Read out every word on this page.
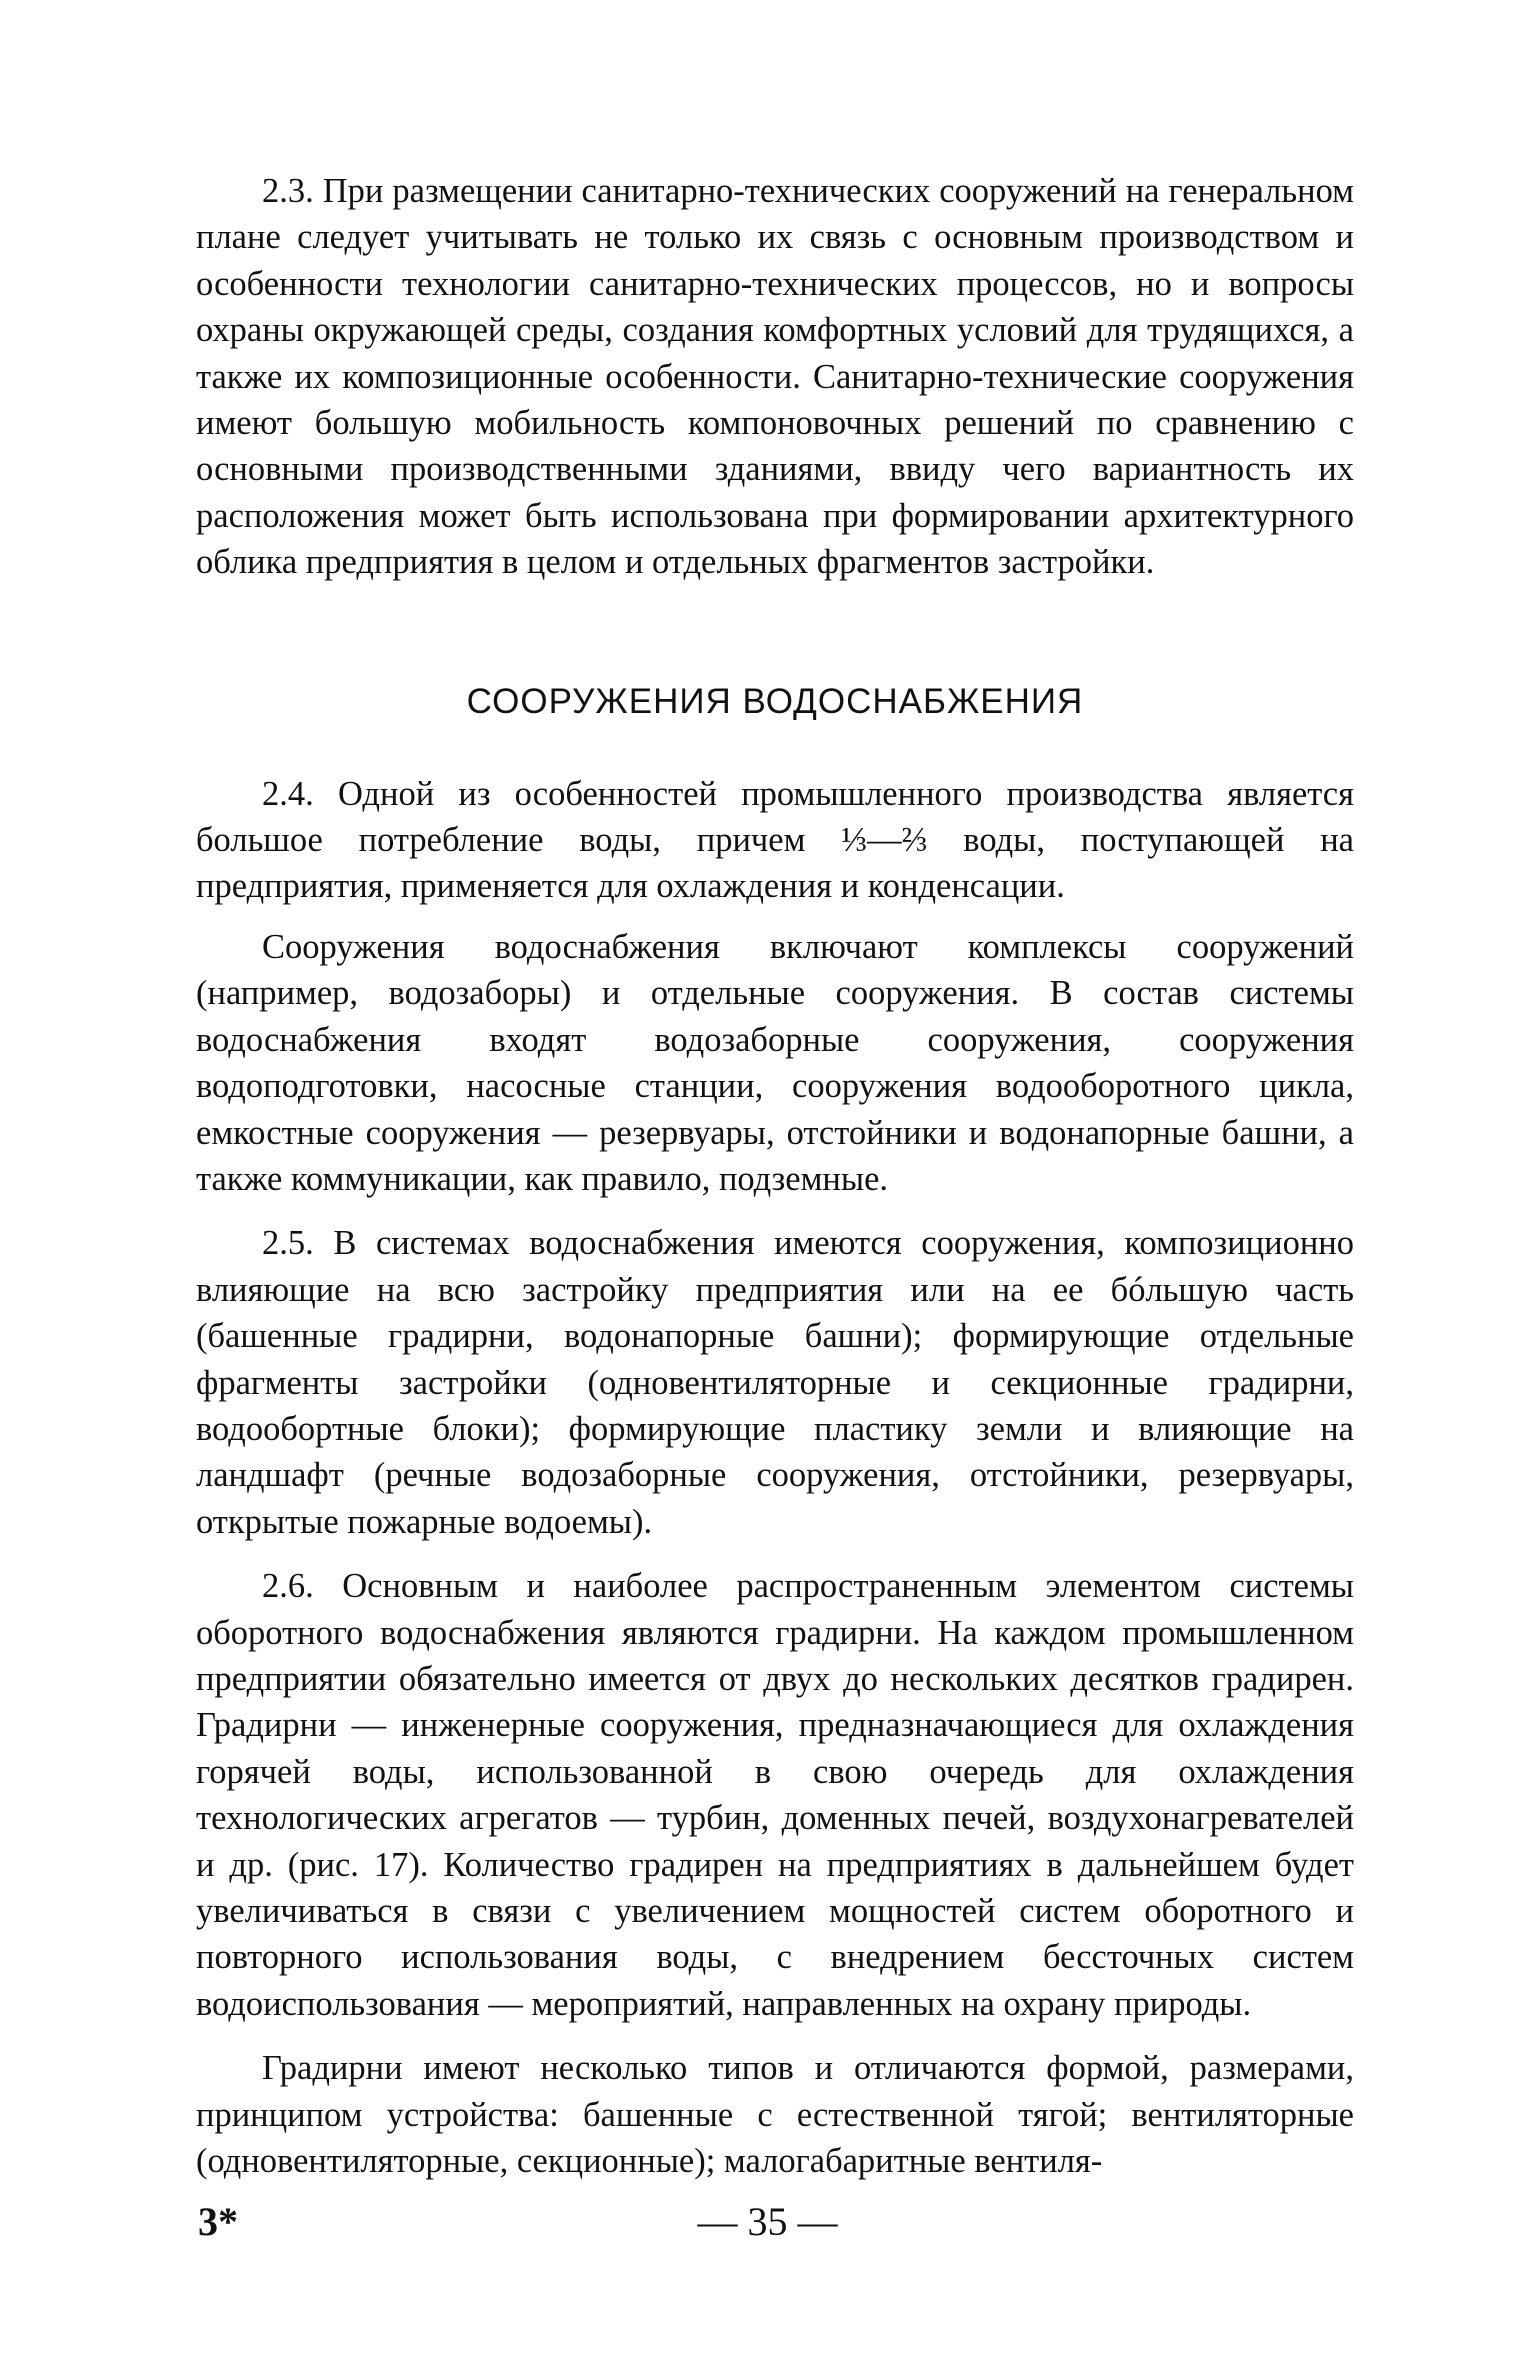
2.3. При размещении санитарно-технических сооружений на генеральном плане следует учитывать не только их связь с основным производством и особенности технологии санитарно-технических процессов, но и вопросы охраны окружающей среды, создания комфортных условий для трудящихся, а также их композиционные особенности. Санитарно-технические сооружения имеют большую мобильность компоновочных решений по сравнению с основными производственными зданиями, ввиду чего вариантность их расположения может быть использована при формировании архитектурного облика предприятия в целом и отдельных фрагментов застройки.

СООРУЖЕНИЯ ВОДОСНАБЖЕНИЯ

2.4. Одной из особенностей промышленного производства является большое потребление воды, причем ⅓—⅔ воды, поступающей на предприятия, применяется для охлаждения и конденсации.

Сооружения водоснабжения включают комплексы сооружений (например, водозаборы) и отдельные сооружения. В состав системы водоснабжения входят водозаборные сооружения, сооружения водоподготовки, насосные станции, сооружения водооборотного цикла, емкостные сооружения — резервуары, отстойники и водонапорные башни, а также коммуникации, как правило, подземные.

2.5. В системах водоснабжения имеются сооружения, композиционно влияющие на всю застройку предприятия или на ее бóльшую часть (башенные градирни, водонапорные башни); формирующие отдельные фрагменты застройки (одновентиляторные и секционные градирни, водообортные блоки); формирующие пластику земли и влияющие на ландшафт (речные водозаборные сооружения, отстойники, резервуары, открытые пожарные водоемы).

2.6. Основным и наиболее распространенным элементом системы оборотного водоснабжения являются градирни. На каждом промышленном предприятии обязательно имеется от двух до нескольких десятков градирен. Градирни — инженерные сооружения, предназначающиеся для охлаждения горячей воды, использованной в свою очередь для охлаждения технологических агрегатов — турбин, доменных печей, воздухонагревателей и др. (рис. 17). Количество градирен на предприятиях в дальнейшем будет увеличиваться в связи с увеличением мощностей систем оборотного и повторного использования воды, с внедрением бессточных систем водоиспользования — мероприятий, направленных на охрану природы.

Градирни имеют несколько типов и отличаются формой, размерами, принципом устройства: башенные с естественной тягой; вентиляторные (одновентиляторные, секционные); малогабаритные вентиля-

3*	— 35 —
